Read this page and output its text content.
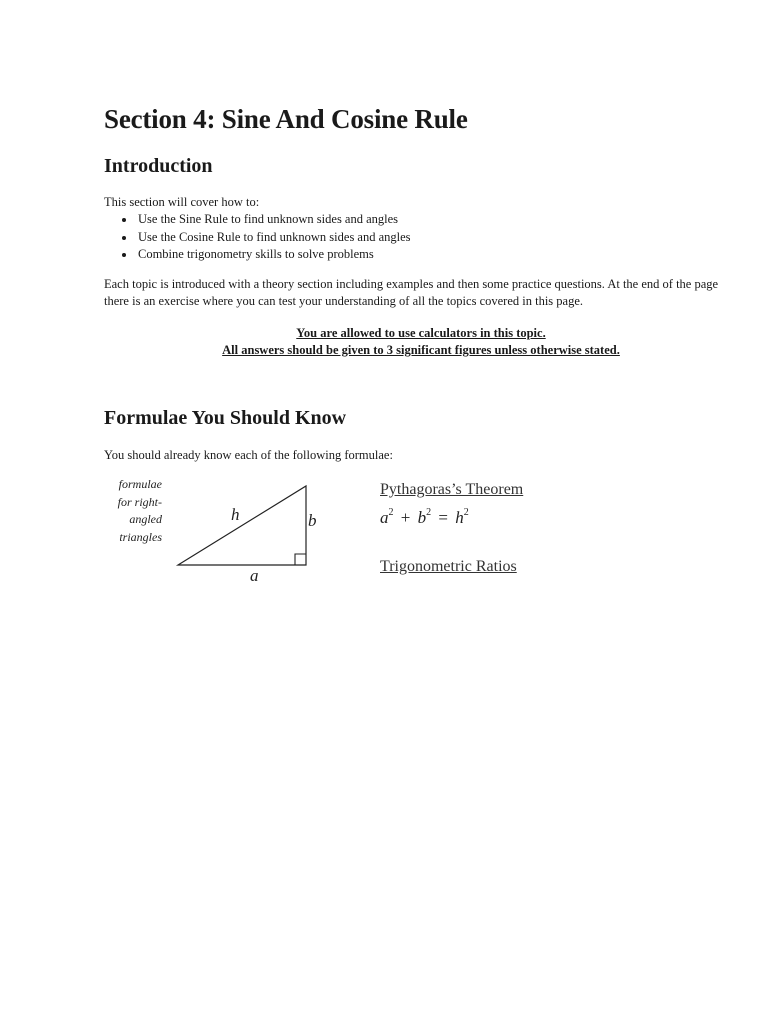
Section 4: Sine And Cosine Rule
Introduction

This section will cover how to:

• Use the Sine Rule to find unknown sides and angles
• Use the Cosine Rule to find unknown sides and angles
• Combine trigonometry skills to solve problems

Each topic is introduced with a theory section including examples and then some practice questions. At the end of the page there is an exercise where you can test your understanding of all the topics covered in this page.

You are allowed to use calculators in this topic.
All answers should be given to 3 significant figures unless otherwise stated.
Formulae You Should Know

You should already know each of the following formulae:

formulae
for right-
angled
triangles
h	b
a
Pythagoras’s Theorem
$a^2 + b^2 = h^2$
Trigonometric Ratios
